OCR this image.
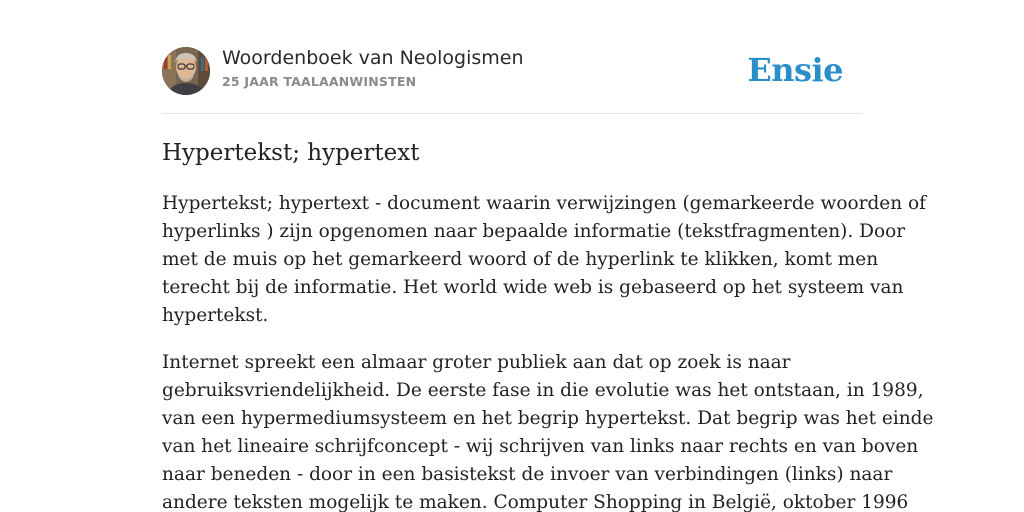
Woordenboek van Neologismen
25 JAAR TAALAANWINSTEN	Ensie
Hypertekst; hypertext

Hypertekst; hypertext - document waarin verwijzingen (gemarkeerde woorden of
hyperlinks ) zijn opgenomen naar bepaalde informatie (tekstfragmenten). Door
met de muis op het gemarkeerd woord of de hyperlink te klikken, komt men
terecht bij de informatie. Het world wide web is gebaseerd op het systeem van
hypertekst.

Internet spreekt een almaar groter publiek aan dat op zoek is naar
gebruiksvriendelijkheid. De eerste fase in die evolutie was het ontstaan, in 1989,
van een hypermediumsysteem en het begrip hypertekst. Dat begrip was het einde
van het lineaire schrijfconcept - wij schrijven van links naar rechts en van boven
naar beneden - door in een basistekst de invoer van verbindingen (links) naar
andere teksten mogelijk te maken. Computer Shopping in België, oktober 1996
